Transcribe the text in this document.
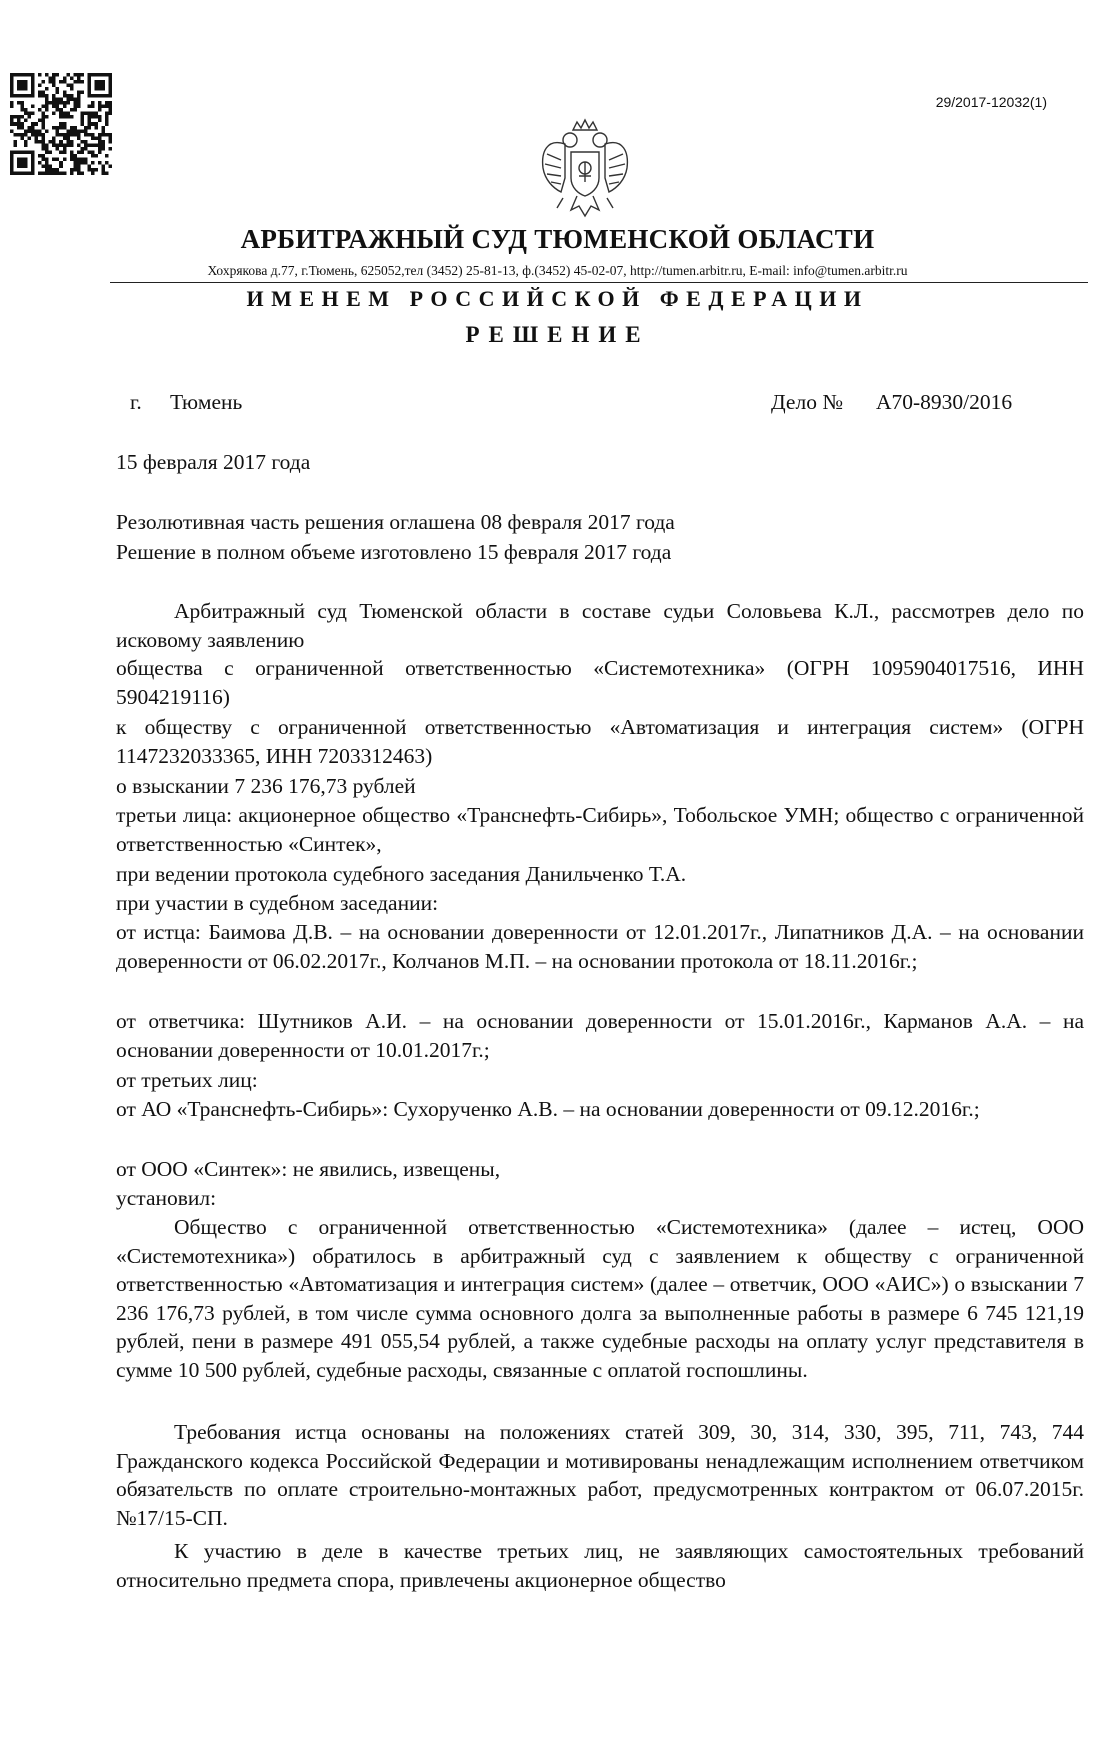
29/2017-12032(1)
АРБИТРАЖНЫЙ СУД ТЮМЕНСКОЙ ОБЛАСТИ
Хохрякова д.77, г.Тюмень, 625052,тел (3452) 25-81-13, ф.(3452) 45-02-07, http://tumen.arbitr.ru, E-mail: info@tumen.arbitr.ru
ИМЕНЕМ РОССИЙСКОЙ ФЕДЕРАЦИИ
РЕШЕНИЕ
г. Тюмень	Дело № А70-8930/2016
15 февраля 2017 года
Резолютивная часть решения оглашена 08 февраля 2017 года
Решение в полном объеме изготовлено 15 февраля 2017 года
Арбитражный суд Тюменской области в составе судьи Соловьева К.Л., рассмотрев дело по исковому заявлению
общества с ограниченной ответственностью «Системотехника» (ОГРН 1095904017516, ИНН 5904219116)
к обществу с ограниченной ответственностью «Автоматизация и интеграция систем» (ОГРН 1147232033365, ИНН 7203312463)
о взыскании 7 236 176,73 рублей
третьи лица: акционерное общество «Транснефть-Сибирь», Тобольское УМН; общество с ограниченной ответственностью «Синтек»,
при ведении протокола судебного заседания Данильченко Т.А.
при участии в судебном заседании:
от истца: Баимова Д.В. – на основании доверенности от 12.01.2017г., Липатников Д.А. – на основании доверенности от 06.02.2017г., Колчанов М.П. – на основании протокола от 18.11.2016г.;
от ответчика: Шутников А.И. – на основании доверенности от 15.01.2016г., Карманов А.А. – на основании доверенности от 10.01.2017г.;
от третьих лиц:
от АО «Транснефть-Сибирь»: Сухорученко А.В. – на основании доверенности от 09.12.2016г.;
от ООО «Синтек»: не явились, извещены,
установил:
Общество с ограниченной ответственностью «Системотехника» (далее – истец, ООО «Системотехника») обратилось в арбитражный суд с заявлением к обществу с ограниченной ответственностью «Автоматизация и интеграция систем» (далее – ответчик, ООО «АИС») о взыскании 7 236 176,73 рублей, в том числе сумма основного долга за выполненные работы в размере 6 745 121,19 рублей, пени в размере 491 055,54 рублей, а также судебные расходы на оплату услуг представителя в сумме 10 500 рублей, судебные расходы, связанные с оплатой госпошлины.
Требования истца основаны на положениях статей 309, 30, 314, 330, 395, 711, 743, 744 Гражданского кодекса Российской Федерации и мотивированы ненадлежащим исполнением ответчиком обязательств по оплате строительно-монтажных работ, предусмотренных контрактом от 06.07.2015г. №17/15-СП.
К участию в деле в качестве третьих лиц, не заявляющих самостоятельных требований относительно предмета спора, привлечены акционерное общество
